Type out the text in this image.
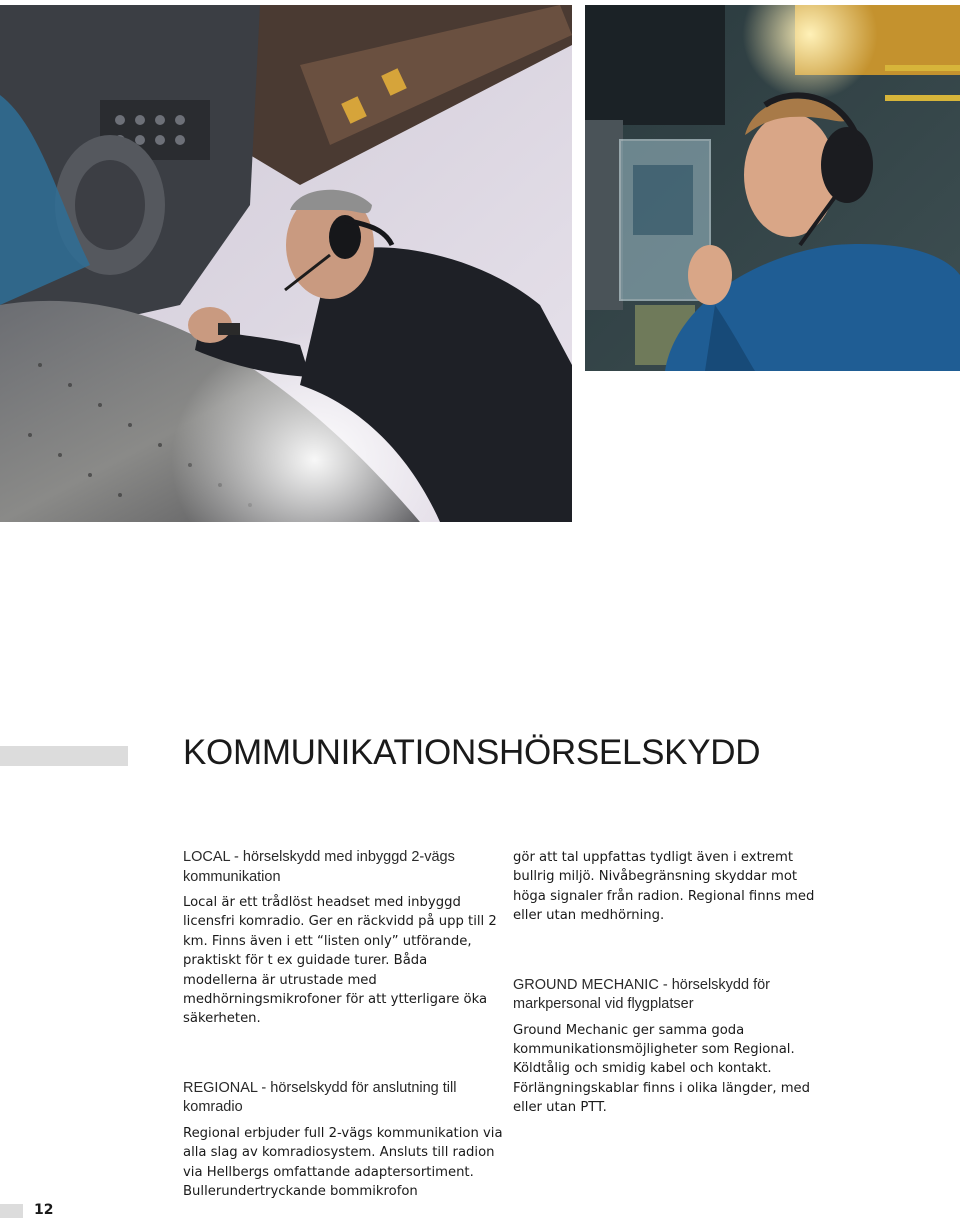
KOMMUNIKATIONSHÖRSELSKYDD

LOCAL - hörselskydd med inbyggd 2-vägs kommunikation

Local är ett trådlöst headset med inbyggd licensfri komradio. Ger en räckvidd på upp till 2 km. Finns även i ett “listen only” utförande, praktiskt för t ex guidade turer. Båda modellerna är utrustade med medhörningsmikrofoner för att ytterligare öka säkerheten.

REGIONAL - hörselskydd för anslutning till komradio

Regional erbjuder full 2-vägs kommunikation via alla slag av komradiosystem. Ansluts till radion via Hellbergs omfattande adaptersortiment. Bullerundertryckande bommikrofon

gör att tal uppfattas tydligt även i extremt bullrig miljö. Nivåbegränsning skyddar mot höga signaler från radion. Regional finns med eller utan medhörning.

GROUND MECHANIC - hörselskydd för markpersonal vid flygplatser

Ground Mechanic ger samma goda kommunikationsmöjligheter som Regional. Köldtålig och smidig kabel och kontakt. Förlängningskablar finns i olika längder, med eller utan PTT.

12
